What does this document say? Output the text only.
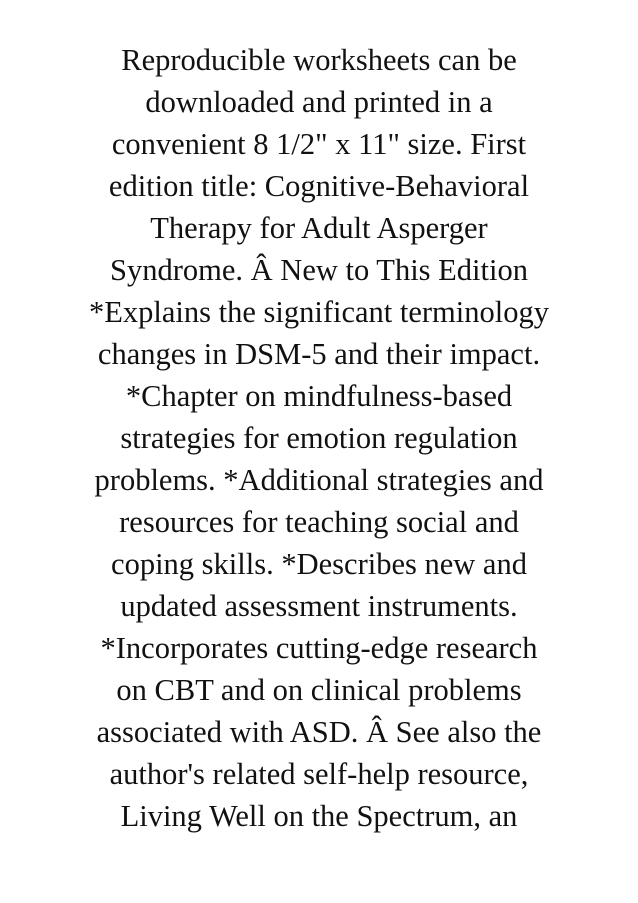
Reproducible worksheets can be
downloaded and printed in a
convenient 8 1/2" x 11" size. First
edition title: Cognitive-Behavioral
Therapy for Adult Asperger
Syndrome. Â New to This Edition
*Explains the significant terminology
changes in DSM-5 and their impact.
*Chapter on mindfulness-based
strategies for emotion regulation
problems. *Additional strategies and
resources for teaching social and
coping skills. *Describes new and
updated assessment instruments.
*Incorporates cutting-edge research
on CBT and on clinical problems
associated with ASD. Â See also the
author's related self-help resource,
Living Well on the Spectrum, an
